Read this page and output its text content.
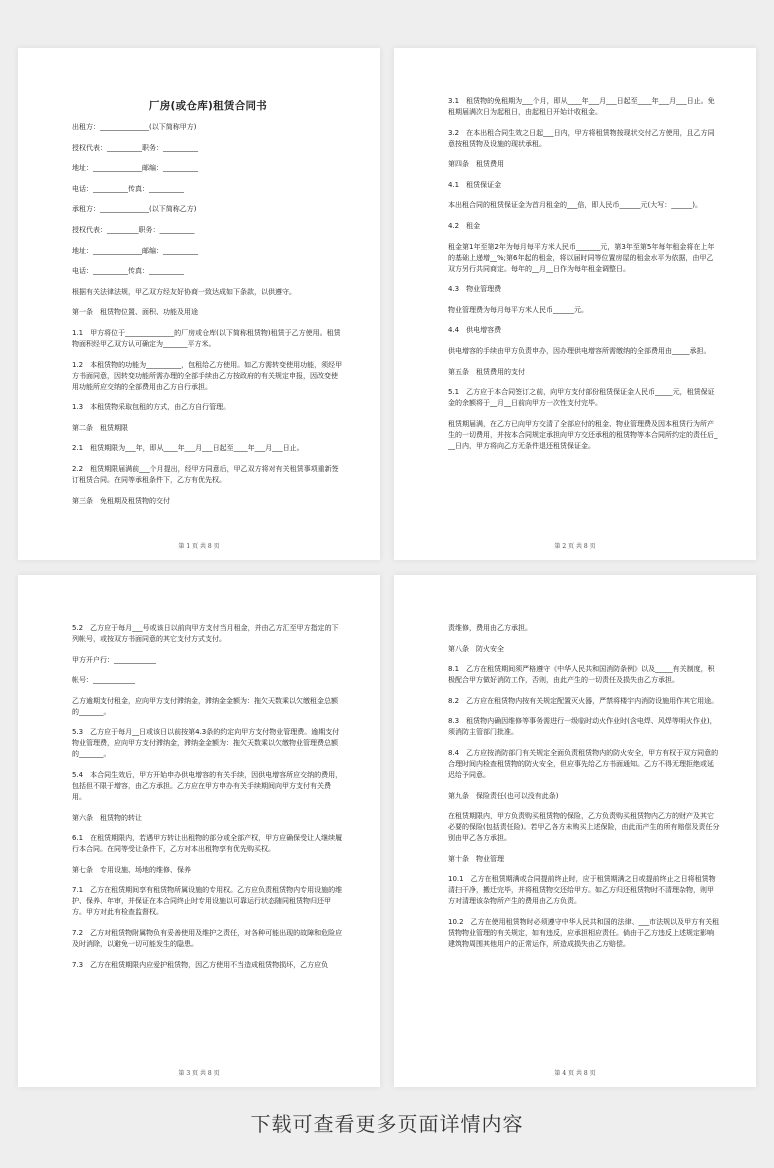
厂房(或仓库)租赁合同书
出租方：______________(以下简称甲方)
授权代表：__________职务：__________
地址：______________邮编：__________
电话：__________传真：__________
承租方：______________(以下简称乙方)
授权代表：_________职务：__________
地址：______________邮编：__________
电话：__________传真：__________
根据有关法律法规，甲乙双方经友好协商一致达成如下条款，以供遵守。
第一条　租赁物位置、面积、功能及用途
1.1　甲方将位于______________的厂房或仓库(以下简称租赁物)租赁于乙方使用。租赁物面积经甲乙双方认可确定为_______平方米。
1.2　本租赁物的功能为__________，包租给乙方使用。如乙方需转变使用功能，须经甲方书面同意，因转变功能所需办理的全部手续由乙方按政府的有关规定申报，因改变使用功能所应交纳的全部费用由乙方自行承担。
1.3　本租赁物采取包租的方式，由乙方自行管理。
第二条　租赁期限
2.1　租赁期限为___年，即从____年___月___日起至____年___月___日止。
2.2　租赁期限届满前___个月提出，经甲方同意后，甲乙双方将对有关租赁事项重新签订租赁合同。在同等承租条件下，乙方有优先权。
第三条　免租期及租赁物的交付
第 1 页 共 8 页
3.1　租赁物的免租期为___个月，即从____年___月___日起至____年___月___日止。免租期届满次日为起租日，由起租日开始计收租金。
3.2　在本出租合同生效之日起___日内，甲方将租赁物按现状交付乙方使用，且乙方同意按租赁物及设施的现状承租。
第四条　租赁费用
4.1　租赁保证金
本出租合同的租赁保证金为首月租金的___倍，即人民币______元(大写：______)。
4.2　租金
租金第1年至第2年为每月每平方米人民币_______元，第3年至第5年每年租金将在上年的基础上递增__%;第6年起的租金，将以届时同等位置房屋的租金水平为依据，由甲乙双方另行共同商定。每年的__月__日作为每年租金调整日。
4.3　物业管理费
物业管理费为每月每平方米人民币______元。
4.4　供电增容费
供电增容的手续由甲方负责申办，因办理供电增容所需缴纳的全部费用由_____承担。
第五条　租赁费用的支付
5.1　乙方应于本合同签订之前，向甲方支付部份租赁保证金人民币_____元，租赁保证金的余额将于__月__日前向甲方一次性支付完毕。
租赁期届满，在乙方已向甲方交清了全部应付的租金、物业管理费及因本租赁行为所产生的一切费用，并按本合同规定承担向甲方交还承租的租赁物等本合同所约定的责任后___日内，甲方将向乙方无条件退还租赁保证金。
第 2 页 共 8 页
5.2　乙方应于每月___号或该日以前向甲方支付当月租金，并由乙方汇至甲方指定的下列帐号，或按双方书面同意的其它支付方式支付。
甲方开户行：____________
帐号：____________
乙方逾期支付租金，应向甲方支付滞纳金，滞纳金金额为：拖欠天数乘以欠缴租金总额的_______。
5.3　乙方应于每月__日或该日以前按第4.3条的约定向甲方支付物业管理费。逾期支付物业管理费，应向甲方支付滞纳金，滞纳金金额为：拖欠天数乘以欠缴物业管理费总额的_______。
5.4　本合同生效后，甲方开始申办供电增容的有关手续，因供电增容所应交纳的费用，包括但不限于增容，由乙方承担。乙方应在甲方申办有关手续期间向甲方支付有关费用。
第六条　租赁物的转让
6.1　在租赁期限内，若遇甲方转让出租物的部分或全部产权，甲方应确保受让人继续履行本合同。在同等受让条件下，乙方对本出租物享有优先购买权。
第七条　专用设施、场地的维修、保养
7.1　乙方在租赁期间享有租赁物所属设施的专用权。乙方应负责租赁物内专用设施的维护、保养、年审，并保证在本合同终止时专用设施以可靠运行状态随同租赁物归还甲方。甲方对此有检查监督权。
7.2　乙方对租赁物附属物负有妥善使用及维护之责任，对各种可能出现的故障和危险应及时消除，以避免一切可能发生的隐患。
7.3　乙方在租赁期限内应爱护租赁物，因乙方使用不当造成租赁物损坏，乙方应负
第 3 页 共 8 页
责维修，费用由乙方承担。
第八条　防火安全
8.1　乙方在租赁期间须严格遵守《中华人民共和国消防条例》以及_____有关制度，积极配合甲方做好消防工作，否则，由此产生的一切责任及损失由乙方承担。
8.2　乙方应在租赁物内按有关规定配置灭火器，严禁将楼宇内消防设施用作其它用途。
8.3　租赁物内确因维修等事务需进行一级临时动火作业时(含电焊、风焊等明火作业)，须消防主管部门批准。
8.4　乙方应按消防部门有关规定全面负责租赁物内的防火安全，甲方有权于双方同意的合理时间内检查租赁物的防火安全，但应事先给乙方书面通知。乙方不得无理拒绝或延迟给予同意。
第九条　保险责任(也可以没有此条)
在租赁期限内，甲方负责购买租赁物的保险，乙方负责购买租赁物内乙方的财产及其它必要的保险(包括责任险)。若甲乙各方未购买上述保险，由此而产生的所有赔偿及责任分别由甲乙各方承担。
第十条　物业管理
10.1　乙方在租赁期满或合同提前终止时，应于租赁期满之日或提前终止之日将租赁物清扫干净，搬迁完毕，并将租赁物交还给甲方。如乙方归还租赁物时不清理杂物，则甲方对清理该杂物所产生的费用由乙方负责。
10.2　乙方在使用租赁物时必须遵守中华人民共和国的法律、___市法规以及甲方有关租赁物物业管理的有关规定，如有违反，应承担相应责任。倘由于乙方违反上述规定影响建筑物周围其他用户的正常运作，所造成损失由乙方赔偿。
第 4 页 共 8 页
下载可查看更多页面详情内容
